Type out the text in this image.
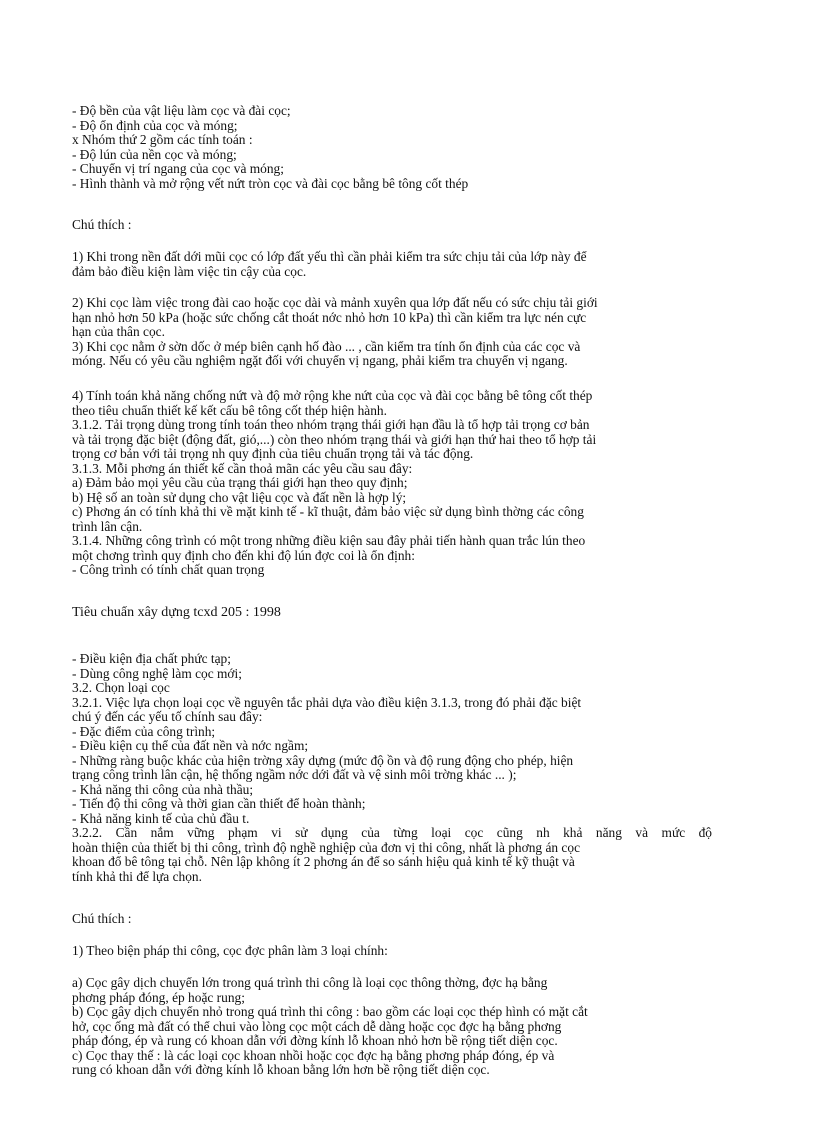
- Độ bền của vật liệu làm cọc và đài cọc;
- Độ ổn định của cọc và móng;
x Nhóm thứ 2 gồm các tính toán :
- Độ lún của nền cọc và móng;
- Chuyển vị trí ngang của cọc và móng;
- Hình thành và mở rộng vết nứt tròn cọc và đài cọc bằng bê tông cốt thép
Chú thích :
1) Khi trong nền đất dới mũi cọc có lớp đất yếu thì cần phải kiểm tra sức chịu tải của lớp này để
đảm bảo điều kiện làm việc tin cậy của cọc.
2) Khi cọc làm việc trong đài cao hoặc cọc dài và mảnh xuyên qua lớp đất nếu có sức chịu tải giới
hạn nhỏ hơn 50 kPa (hoặc sức chống cắt thoát nớc nhỏ hơn 10 kPa) thì cần kiểm tra lực nén cực
hạn của thân cọc.
3) Khi cọc nằm ở sờn dốc ở mép biên cạnh hố đào ... , cần kiểm tra tính ổn định của các cọc và
móng. Nếu có yêu cầu nghiệm ngặt đối với chuyển vị ngang, phải kiểm tra chuyển vị ngang.
4) Tính toán khả năng chống nứt và độ mở rộng khe nứt của cọc và đài cọc bằng bê tông cốt thép
theo tiêu chuẩn thiết kế kết cấu bê tông cốt thép hiện hành.
3.1.2. Tải trọng dùng trong tính toán theo nhóm trạng thái giới hạn đầu là tổ hợp tải trọng cơ bản
và tải trọng đặc biệt (động đất, gió,...) còn theo nhóm trạng thái và giới hạn thứ hai theo tổ hợp tải
trọng cơ bản với tải trọng nh quy định của tiêu chuẩn trọng tải và tác động.
3.1.3. Mỗi phơng án thiết kế cần thoả mãn các yêu cầu sau đây:
a) Đảm bảo mọi yêu cầu của trạng thái giới hạn theo quy định;
b) Hệ số an toàn sử dụng cho vật liệu cọc và đất nền là hợp lý;
c) Phơng án có tính khả thi về mặt kinh tế - kĩ thuật, đảm bảo việc sử dụng bình thờng các công
trình lân cận.
3.1.4. Những công trình có một trong những điều kiện sau đây phải tiến hành quan trắc lún theo
một chơng trình quy định cho đến khi độ lún đợc coi là ổn định:
- Công trình có tính chất quan trọng
Tiêu chuẩn xây dựng tcxd 205 : 1998
- Điều kiện địa chất phức tạp;
- Dùng công nghệ làm cọc mới;
3.2. Chọn loại cọc
3.2.1. Việc lựa chọn loại cọc về nguyên tắc phải dựa vào điều kiện 3.1.3, trong đó phải đặc biệt
chú ý đến các yếu tố chính sau đây:
- Đặc điểm của công trình;
- Điều kiện cụ thể của đất nền và nớc ngầm;
- Những ràng buộc khác của hiện trờng xây dựng (mức độ ồn và độ rung động cho phép, hiện
trạng công trình lân cận, hệ thống ngầm nớc dới đất và vệ sinh môi trờng khác ... );
- Khả năng thi công của nhà thầu;
- Tiến độ thi công và thời gian cần thiết để hoàn thành;
- Khả năng kinh tế của chủ đầu t.
3.2.2. Cần nắm vững phạm vi sử dụng của từng loại cọc cũng nh khả năng và mức độ
hoàn thiện của thiết bị thi công, trình độ nghề nghiệp của đơn vị thi công, nhất là phơng án cọc
khoan đổ bê tông tại chỗ. Nên lập không ít 2 phơng án để so sánh hiệu quả kinh tế kỹ thuật và
tính khả thi để lựa chọn.
Chú thích :
1) Theo biện pháp thi công, cọc đợc phân làm 3 loại chính:
a) Cọc gây dịch chuyển lớn trong quá trình thi công là loại cọc thông thờng, đợc hạ bằng
phơng pháp đóng, ép hoặc rung;
b) Cọc gây dịch chuyển nhỏ trong quá trình thi công : bao gồm các loại cọc thép hình có mặt cắt
hở, cọc ống mà đất có thể chui vào lòng cọc một cách dễ dàng hoặc cọc đợc hạ bằng phơng
pháp đóng, ép và rung có khoan dẫn với đờng kính lỗ khoan nhỏ hơn bề rộng tiết diện cọc.
c) Cọc thay thế : là các loại cọc khoan nhồi hoặc cọc đợc hạ bằng phơng pháp đóng, ép và
rung có khoan dẫn với đờng kính lỗ khoan bằng lớn hơn bề rộng tiết diện cọc.
